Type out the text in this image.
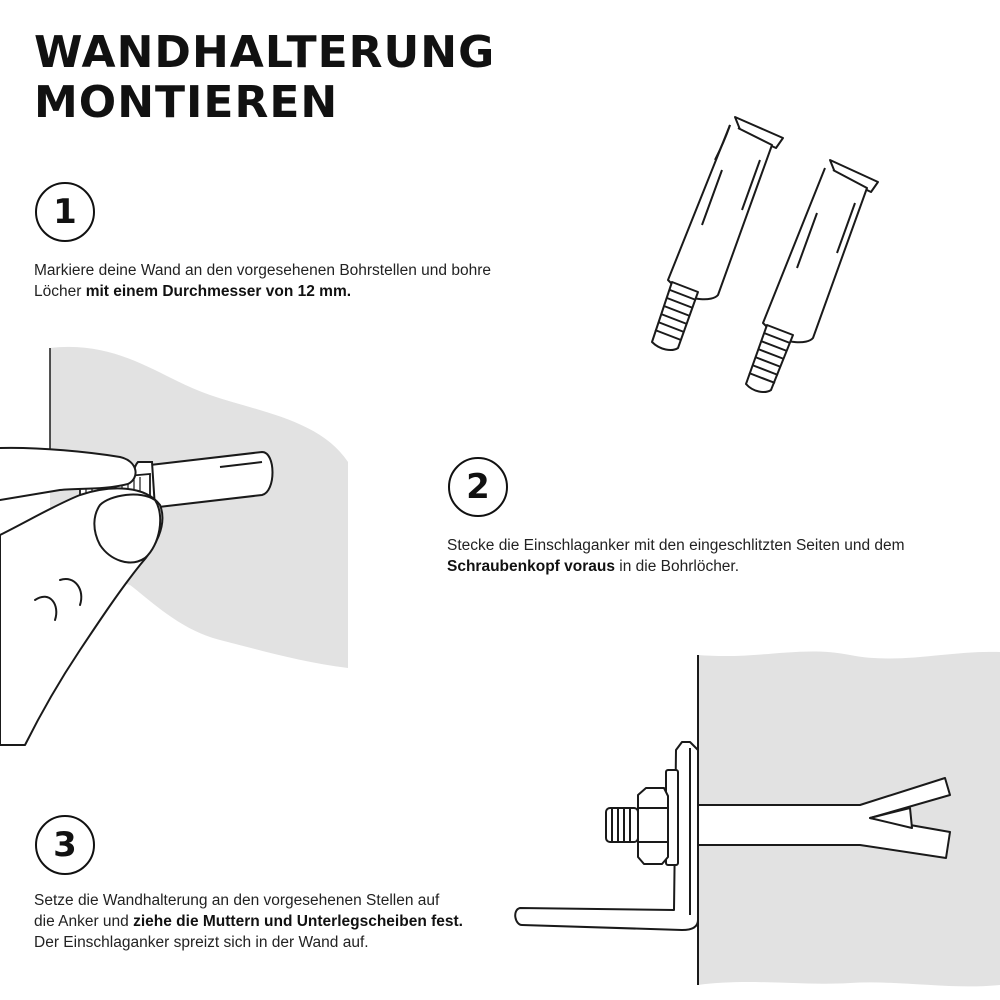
WANDHALTERUNG
MONTIEREN
1

Markiere deine Wand an den vorgesehenen Bohrstellen und bohre Löcher mit einem Durchmesser von 12 mm.

2

Stecke die Einschlaganker mit den eingeschlitzten Seiten und dem Schraubenkopf voraus in die Bohrlöcher.

3

Setze die Wandhalterung an den vorgesehenen Stellen auf die Anker und ziehe die Muttern und Unterlegscheiben fest. Der Einschlaganker spreizt sich in der Wand auf.
